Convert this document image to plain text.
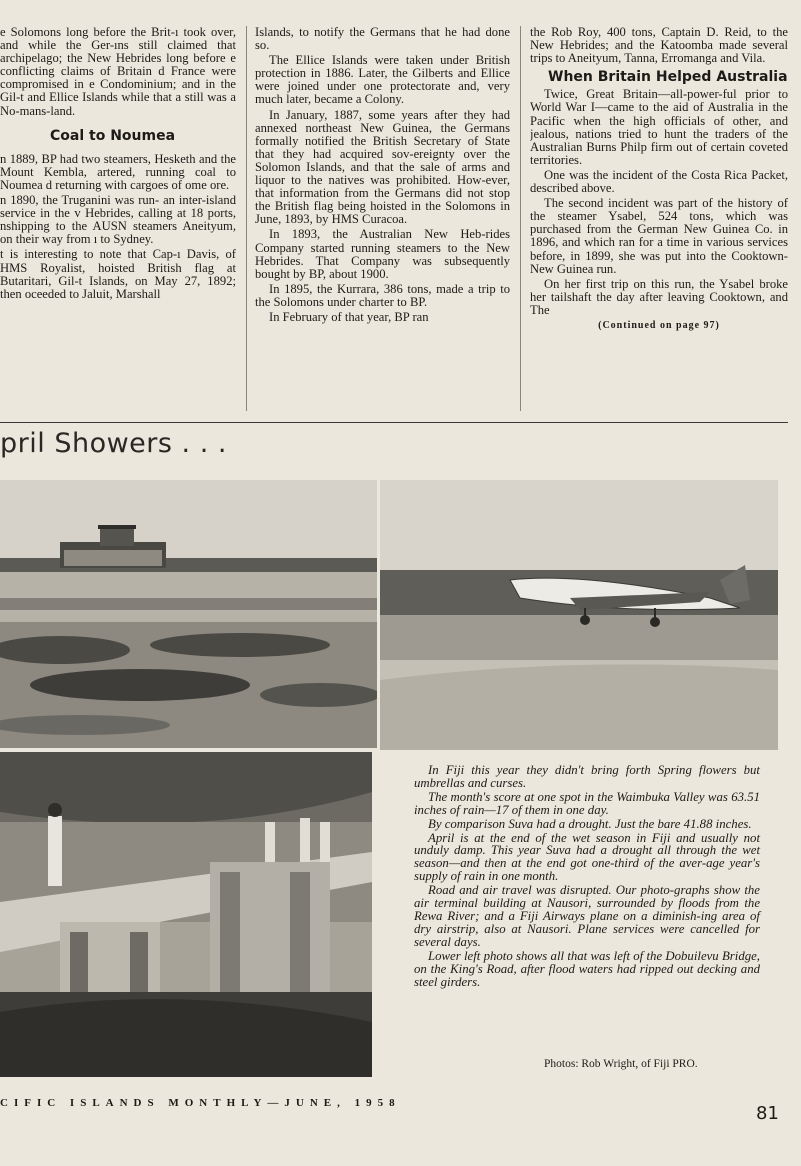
e Solomons long before the Brit-ı took over, and while the Ger-ıns still claimed that archipelago; the New Hebrides long before e conflicting claims of Britain d France were compromised in e Condominium; and in the Gil-t and Ellice Islands while that a still was a No-mans-land.

Coal to Noumea

n 1889, BP had two steamers, Hesketh and the Mount Kembla, artered, running coal to Noumea d returning with cargoes of ome ore.

n 1890, the Truganini was run- an inter-island service in the v Hebrides, calling at 18 ports, nshipping to the AUSN steamers Aneityum, on their way from ı to Sydney.

t is interesting to note that Cap-ı Davis, of HMS Royalist, hoisted British flag at Butaritari, Gil-t Islands, on May 27, 1892; then oceeded to Jaluit, Marshall

Islands, to notify the Germans that he had done so.

The Ellice Islands were taken under British protection in 1886. Later, the Gilberts and Ellice were joined under one protectorate and, very much later, became a Colony.

In January, 1887, some years after they had annexed northeast New Guinea, the Germans formally notified the British Secretary of State that they had acquired sov-ereignty over the Solomon Islands, and that the sale of arms and liquor to the natives was prohibited. How-ever, that information from the Germans did not stop the British flag being hoisted in the Solomons in June, 1893, by HMS Curacoa.

In 1893, the Australian New Heb-rides Company started running steamers to the New Hebrides. That Company was subsequently bought by BP, about 1900.

In 1895, the Kurrara, 386 tons, made a trip to the Solomons under charter to BP.

In February of that year, BP ran

the Rob Roy, 400 tons, Captain D. Reid, to the New Hebrides; and the Katoomba made several trips to Aneityum, Tanna, Erromanga and Vila.

When Britain Helped Australia

Twice, Great Britain—all-power-ful prior to World War I—came to the aid of Australia in the Pacific when the high officials of other, and jealous, nations tried to hunt the traders of the Australian Burns Philp firm out of certain coveted territories.

One was the incident of the Costa Rica Packet, described above.

The second incident was part of the history of the steamer Ysabel, 524 tons, which was purchased from the German New Guinea Co. in 1896, and which ran for a time in various services before, in 1899, she was put into the Cooktown-New Guinea run.

On her first trip on this run, the Ysabel broke her tailshaft the day after leaving Cooktown, and The

(Continued on page 97)
pril Showers . . .

In Fiji this year they didn't bring forth Spring flowers but umbrellas and curses.

The month's score at one spot in the Waimbuka Valley was 63.51 inches of rain—17 of them in one day.

By comparison Suva had a drought. Just the bare 41.88 inches.

April is at the end of the wet season in Fiji and usually not unduly damp. This year Suva had a drought all through the wet season—and then at the end got one-third of the aver-age year's supply of rain in one month.

Road and air travel was disrupted. Our photo-graphs show the air terminal building at Nausori, surrounded by floods from the Rewa River; and a Fiji Airways plane on a diminish-ing area of dry airstrip, also at Nausori. Plane services were cancelled for several days.

Lower left photo shows all that was left of the Dobuilevu Bridge, on the King's Road, after flood waters had ripped out decking and steel girders.

Photos: Rob Wright, of Fiji PRO.
CIFIC ISLANDS MONTHLY—JUNE, 1958	81
